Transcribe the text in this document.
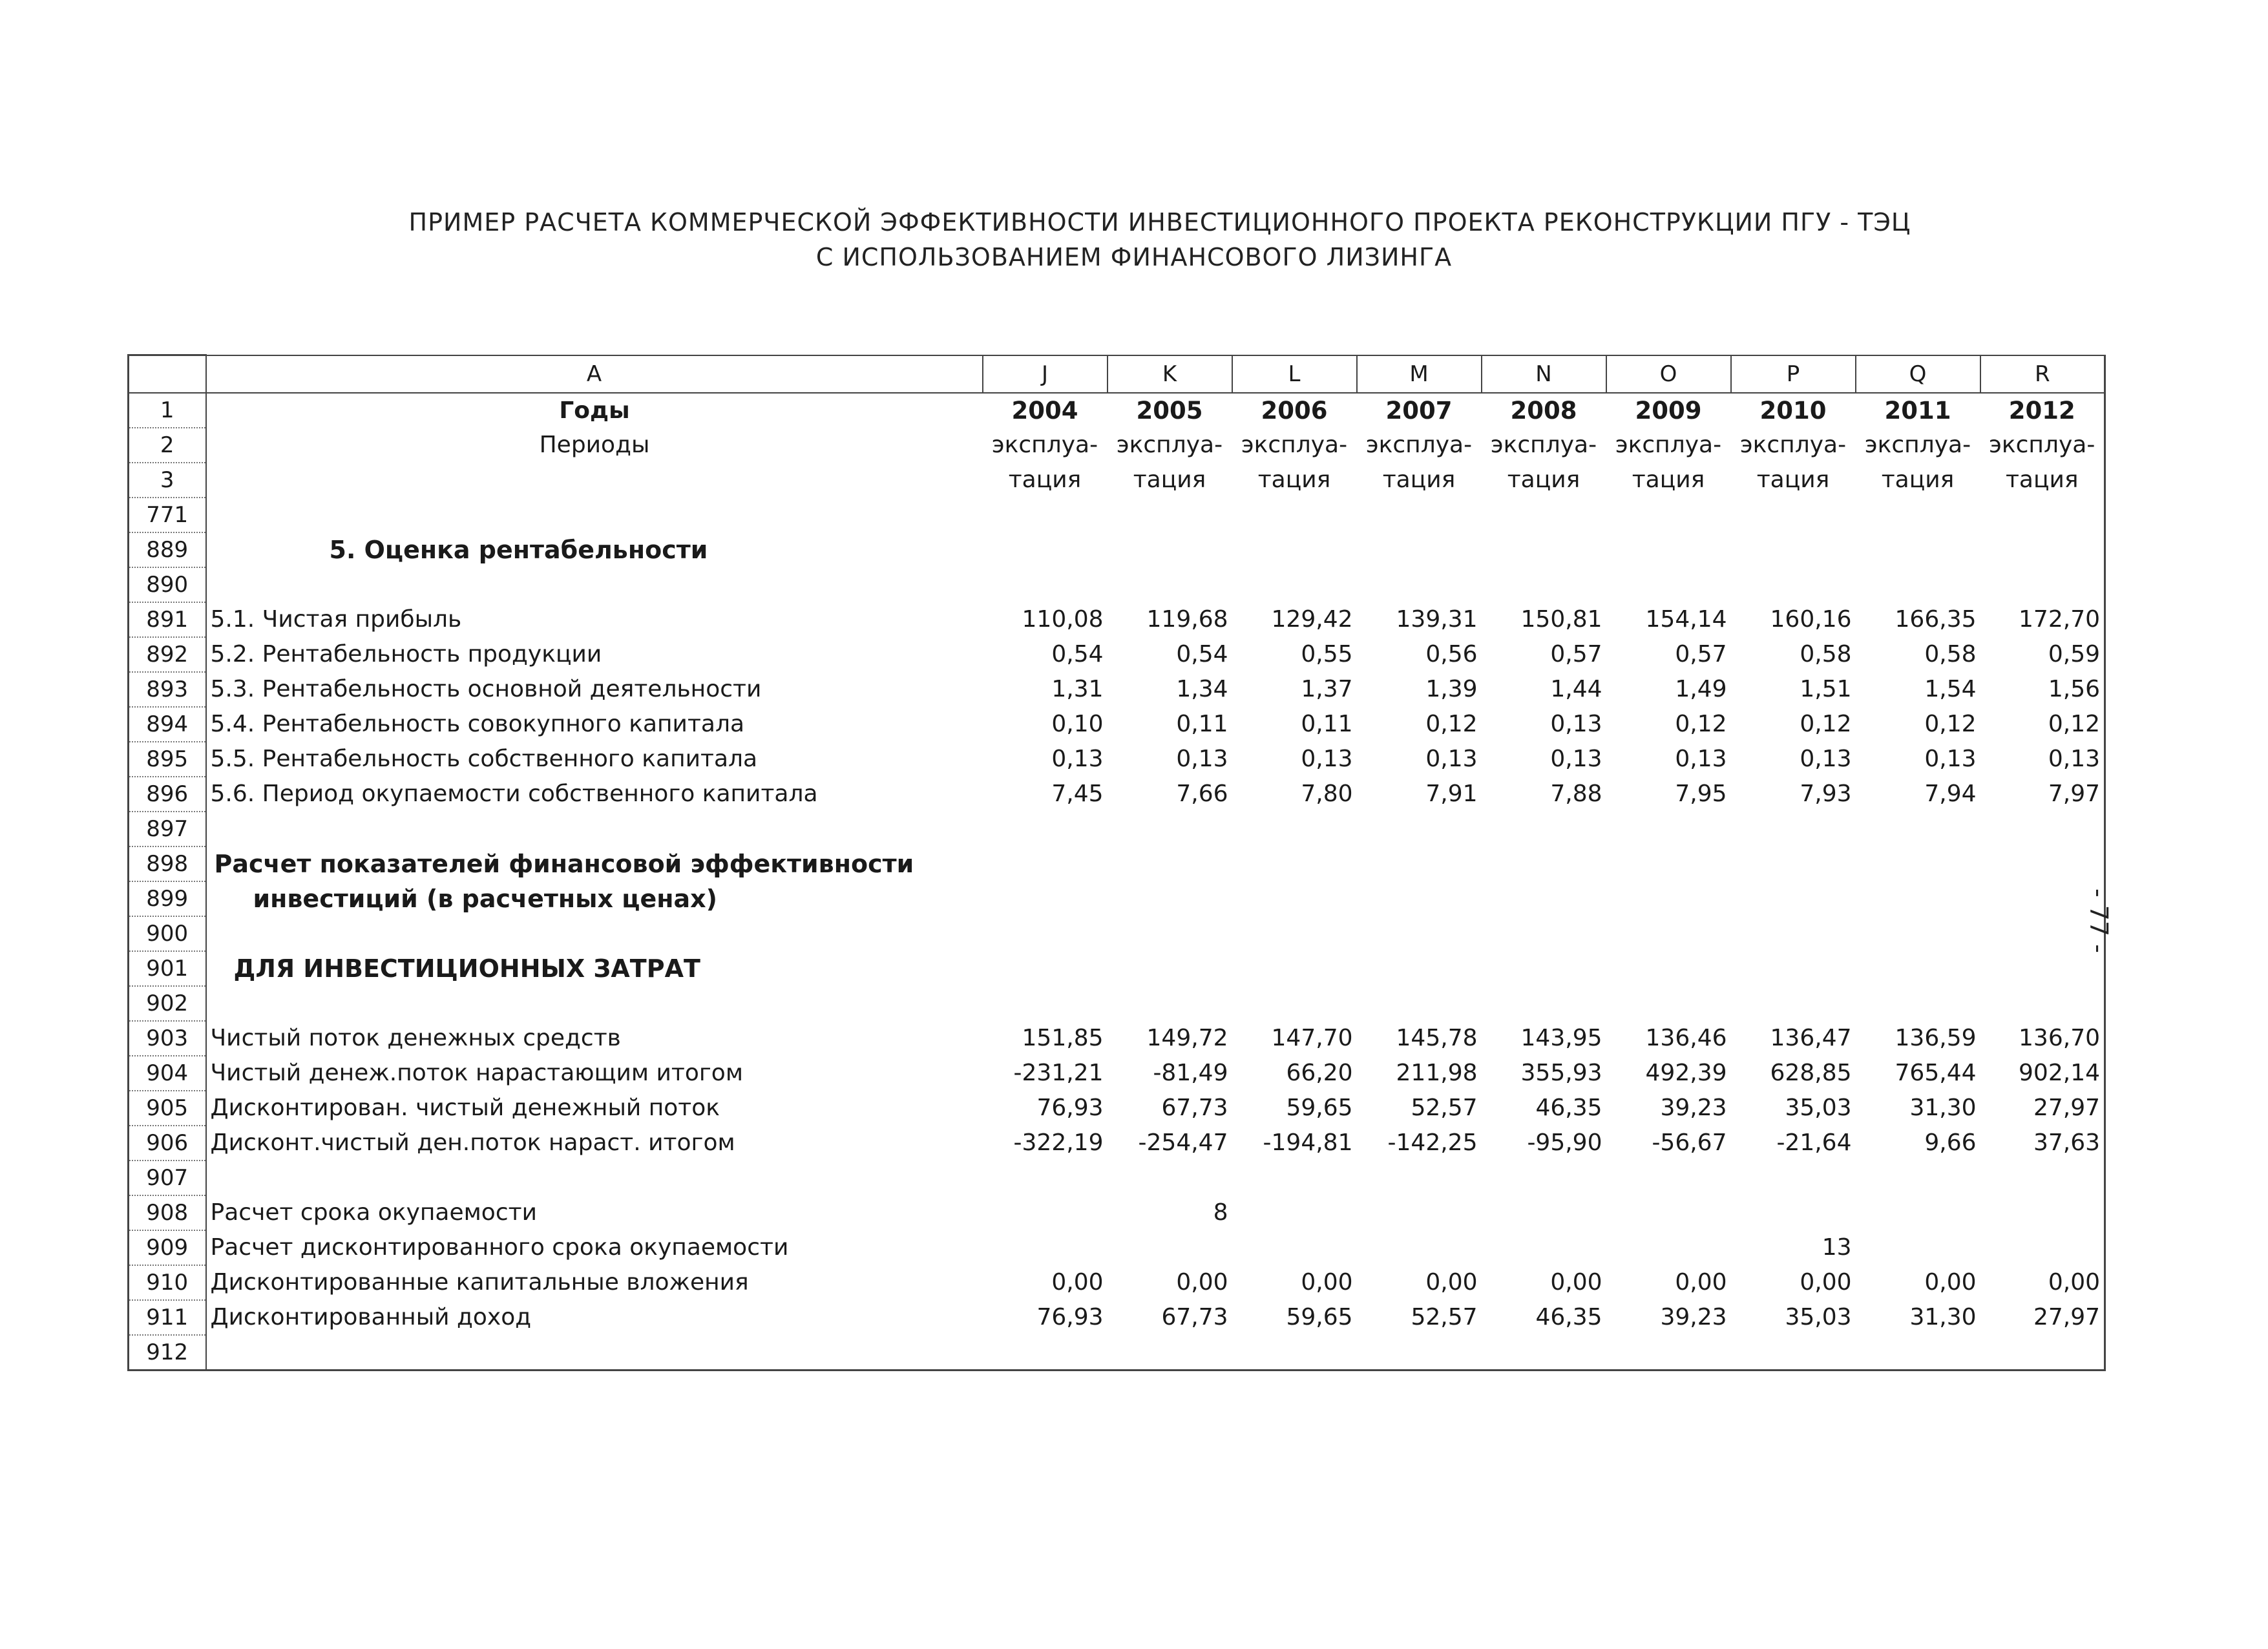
ПРИМЕР РАСЧЕТА КОММЕРЧЕСКОЙ ЭФФЕКТИВНОСТИ ИНВЕСТИЦИОННОГО ПРОЕКТА РЕКОНСТРУКЦИИ ПГУ - ТЭЦ
С ИСПОЛЬЗОВАНИЕМ ФИНАНСОВОГО ЛИЗИНГА
	A	J	K	L	M	N	O	P	Q	R
1	Годы	2004	2005	2006	2007	2008	2009	2010	2011	2012
2	Периоды	эксплуа-	эксплуа-	эксплуа-	эксплуа-	эксплуа-	эксплуа-	эксплуа-	эксплуа-	эксплуа-
3		тация	тация	тация	тация	тация	тация	тация	тация	тация
771										
889	5. Оценка рентабельности									
890										
891	5.1. Чистая прибыль	110,08	119,68	129,42	139,31	150,81	154,14	160,16	166,35	172,70
892	5.2. Рентабельность продукции	0,54	0,54	0,55	0,56	0,57	0,57	0,58	0,58	0,59
893	5.3. Рентабельность основной деятельности	1,31	1,34	1,37	1,39	1,44	1,49	1,51	1,54	1,56
894	5.4. Рентабельность совокупного капитала	0,10	0,11	0,11	0,12	0,13	0,12	0,12	0,12	0,12
895	5.5. Рентабельность собственного капитала	0,13	0,13	0,13	0,13	0,13	0,13	0,13	0,13	0,13
896	5.6. Период окупаемости собственного капитала	7,45	7,66	7,80	7,91	7,88	7,95	7,93	7,94	7,97
897										
898	Расчет показателей финансовой эффективности									
899	инвестиций (в расчетных ценах)									
900										
901	ДЛЯ ИНВЕСТИЦИОННЫХ ЗАТРАТ									
902										
903	Чистый поток денежных средств	151,85	149,72	147,70	145,78	143,95	136,46	136,47	136,59	136,70
904	Чистый денеж.поток нарастающим итогом	-231,21	-81,49	66,20	211,98	355,93	492,39	628,85	765,44	902,14
905	Дисконтирован. чистый денежный поток	76,93	67,73	59,65	52,57	46,35	39,23	35,03	31,30	27,97
906	Дисконт.чистый ден.поток нараст. итогом	-322,19	-254,47	-194,81	-142,25	-95,90	-56,67	-21,64	9,66	37,63
907										
908	Расчет срока окупаемости		8							
909	Расчет дисконтированного срока окупаемости							13		
910	Дисконтированные капитальные вложения	0,00	0,00	0,00	0,00	0,00	0,00	0,00	0,00	0,00
911	Дисконтированный доход	76,93	67,73	59,65	52,57	46,35	39,23	35,03	31,30	27,97
912										
- 77 -
